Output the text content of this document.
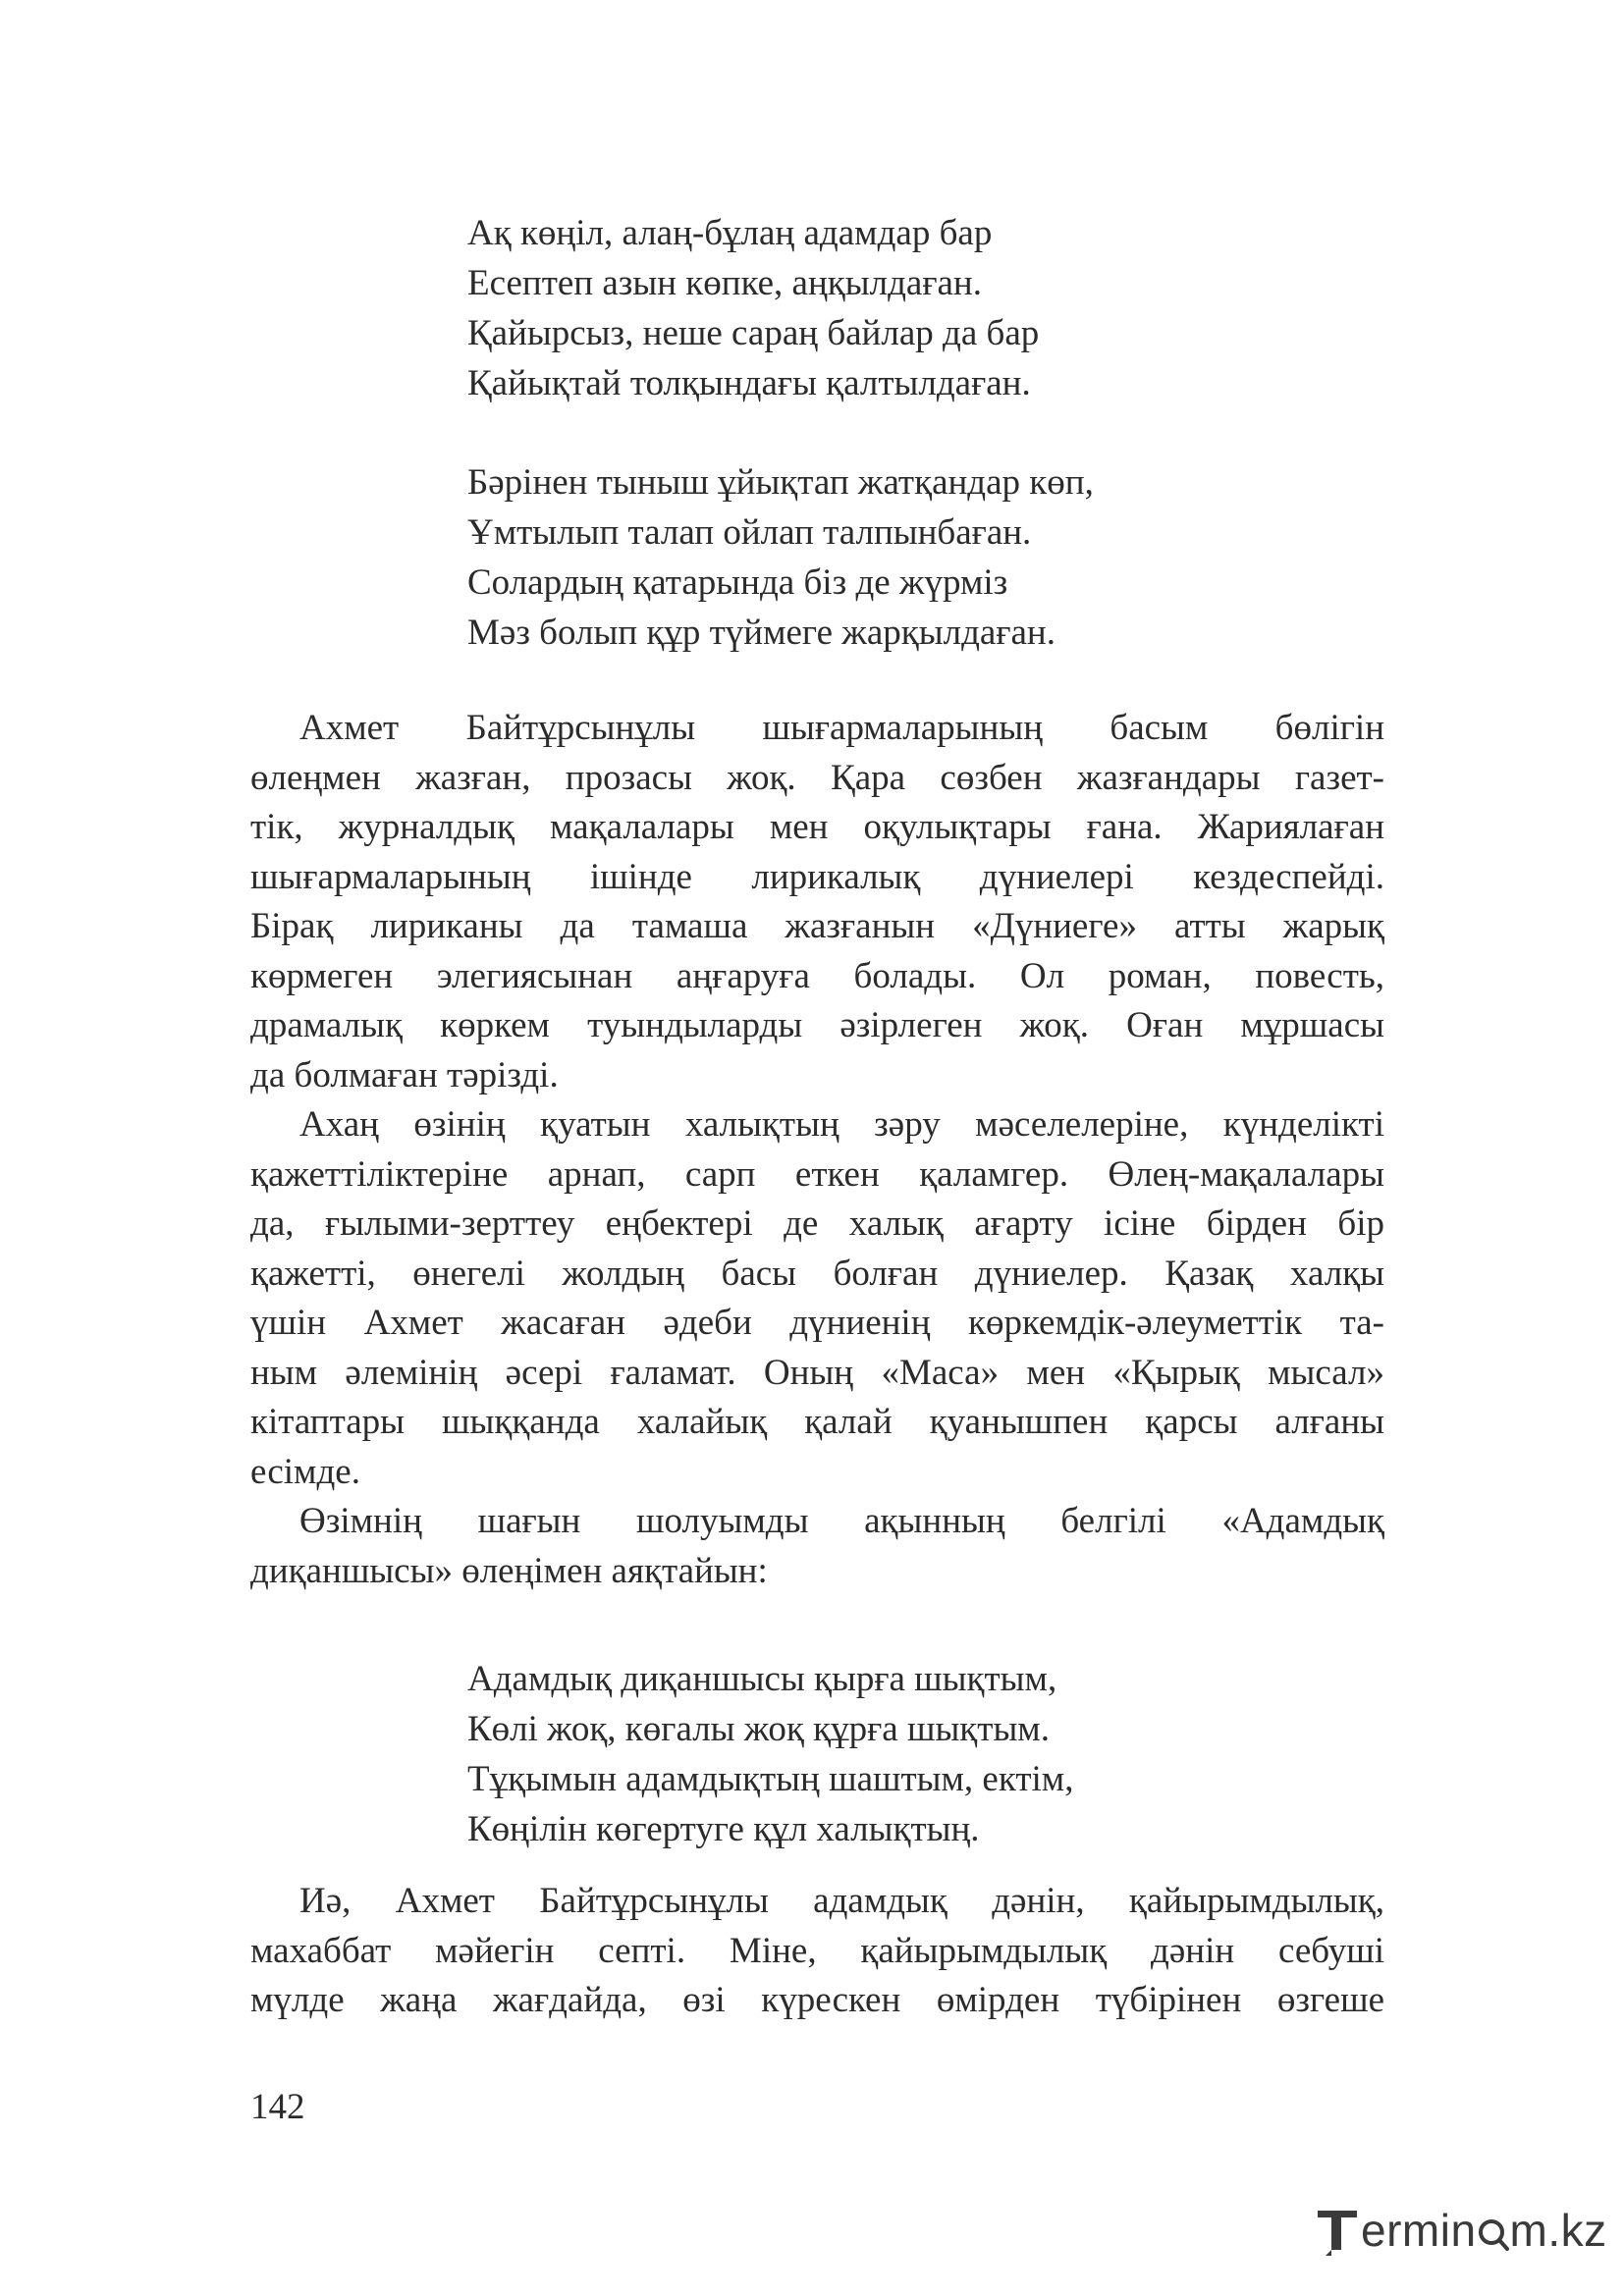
Ақ көңіл, алаң-бұлаң адамдар бар
Есептеп азын көпке, аңқылдаған.
Қайырсыз, неше сараң байлар да бар
Қайықтай толқындағы қалтылдаған.
Бәрінен тыныш ұйықтап жатқандар көп,
Ұмтылып талап ойлап талпынбаған.
Солардың қатарында біз де жүрміз
Мәз болып құр түймеге жарқылдаған.
Ахмет Байтұрсынұлы шығармаларының басым бөлігін
өлеңмен жазған, прозасы жоқ. Қара сөзбен жазғандары газет-
тік, журналдық мақалалары мен оқулықтары ғана. Жариялаған
шығармаларының ішінде лирикалық дүниелері кездеспейді.
Бірақ лириканы да тамаша жазғанын «Дүниеге» атты жарық
көрмеген элегиясынан аңғаруға болады. Ол роман, повесть,
драмалық көркем туындыларды әзірлеген жоқ. Оған мұршасы
да болмаған тәрізді.
Ахаң өзінің қуатын халықтың зәру мәселелеріне, күнделікті
қажеттіліктеріне арнап, сарп еткен қаламгер. Өлең-мақалалары
да, ғылыми-зерттеу еңбектері де халық ағарту ісіне бірден бір
қажетті, өнегелі жолдың басы болған дүниелер. Қазақ халқы
үшін Ахмет жасаған әдеби дүниенің көркемдік-әлеуметтік та-
ным әлемінің әсері ғаламат. Оның «Маса» мен «Қырық мысал»
кітаптары шыққанда халайық қалай қуанышпен қарсы алғаны
есімде.
Өзімнің шағын шолуымды ақынның белгілі «Адамдық
диқаншысы» өлеңімен аяқтайын:
Адамдық диқаншысы қырға шықтым,
Көлі жоқ, көгалы жоқ құрға шықтым.
Тұқымын адамдықтың шаштым, ектім,
Көңілін көгертуге құл халықтың.
Иә, Ахмет Байтұрсынұлы адамдық дәнін, қайырымдылық,
махаббат мәйегін септі. Міне, қайырымдылық дәнін себуші
мүлде жаңа жағдайда, өзі күрескен өмірден түбірінен өзгеше
142
ermin m.kz
